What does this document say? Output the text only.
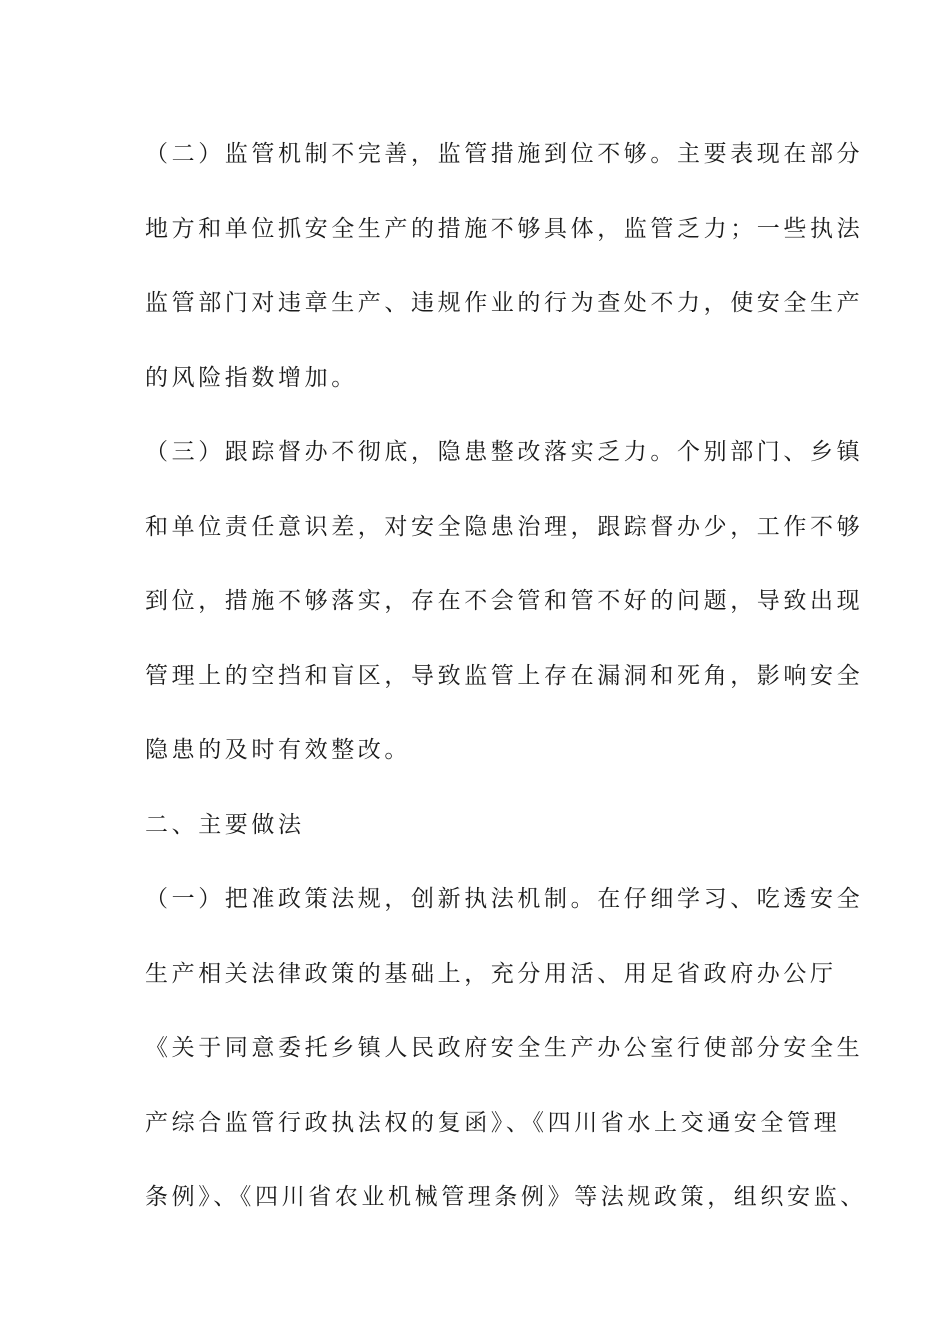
（二）监管机制不完善，监管措施到位不够。主要表现在部分
地方和单位抓安全生产的措施不够具体，监管乏力；一些执法
监管部门对违章生产、违规作业的行为查处不力，使安全生产
的风险指数增加。
（三）跟踪督办不彻底，隐患整改落实乏力。个别部门、乡镇
和单位责任意识差，对安全隐患治理，跟踪督办少，工作不够
到位，措施不够落实，存在不会管和管不好的问题，导致出现
管理上的空挡和盲区，导致监管上存在漏洞和死角，影响安全
隐患的及时有效整改。
二、主要做法
（一）把准政策法规，创新执法机制。在仔细学习、吃透安全
生产相关法律政策的基础上，充分用活、用足省政府办公厅
《关于同意委托乡镇人民政府安全生产办公室行使部分安全生
产综合监管行政执法权的复函》、《四川省水上交通安全管理
条例》、《四川省农业机械管理条例》等法规政策，组织安监、
